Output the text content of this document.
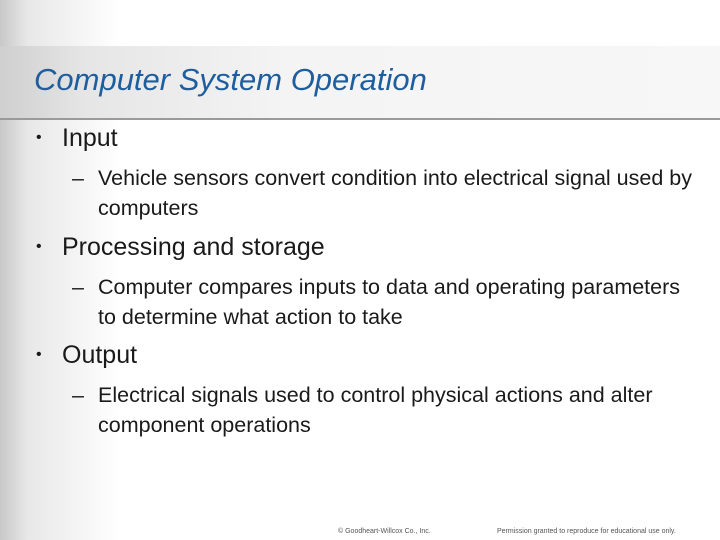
Computer System Operation
• Input
– Vehicle sensors convert condition into electrical signal used by computers
• Processing and storage
– Computer compares inputs to data and operating parameters to determine what action to take
• Output
– Electrical signals used to control physical actions and alter component operations
© Goodheart-Willcox Co., Inc.	Permission granted to reproduce for educational use only.
